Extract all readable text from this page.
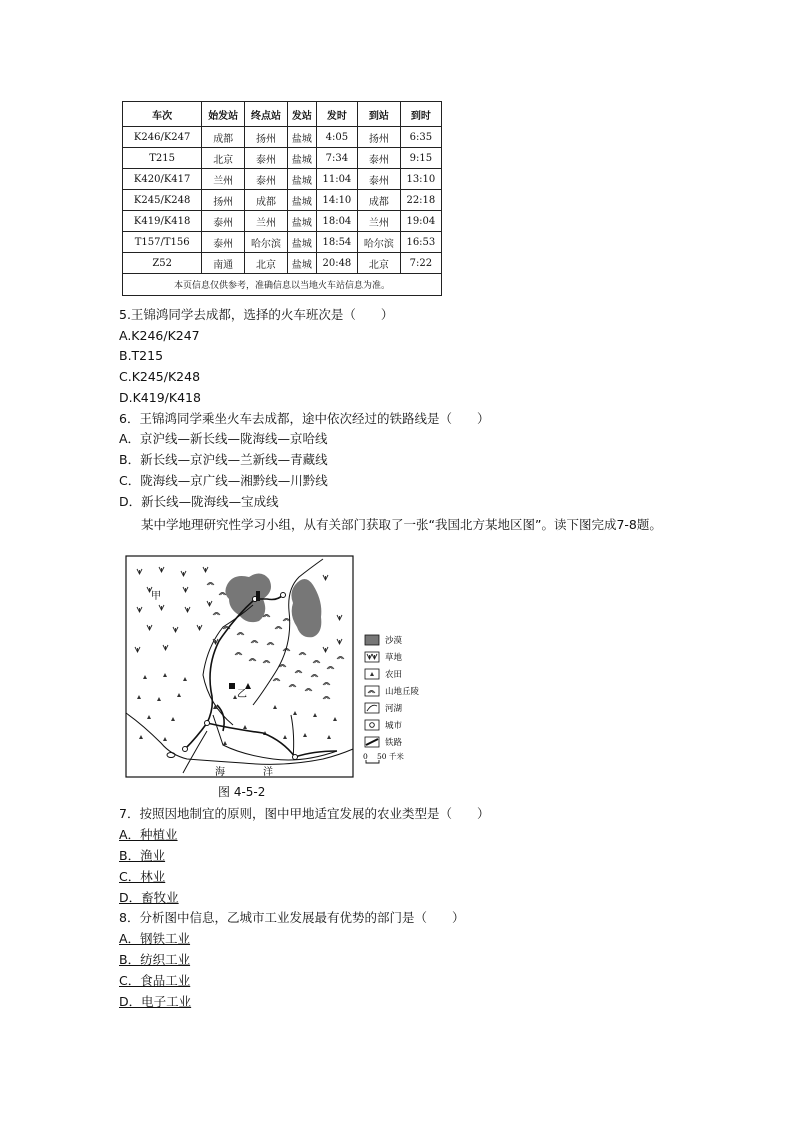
车次	始发站	终点站	发站	发时	到站	到时
K246/K247	成都	扬州	盐城	4:05	扬州	6:35
T215	北京	泰州	盐城	7:34	泰州	9:15
K420/K417	兰州	泰州	盐城	11:04	泰州	13:10
K245/K248	扬州	成都	盐城	14:10	成都	22:18
K419/K418	泰州	兰州	盐城	18:04	兰州	19:04
T157/T156	泰州	哈尔滨	盐城	18:54	哈尔滨	16:53
Z52	南通	北京	盐城	20:48	北京	7:22
本页信息仅供参考，准确信息以当地火车站信息为准。						
5.王锦鸿同学去成都，选择的火车班次是（　　）
A.K246/K247
B.T215
C.K245/K248
D.K419/K418
6．王锦鸿同学乘坐火车去成都，途中依次经过的铁路线是（　　）
A．京沪线—新长线—陇海线—京哈线
B．新长线—京沪线—兰新线—青藏线
C．陇海线—京广线—湘黔线—川黔线
D．新长线—陇海线—宝成线
某中学地理研究性学习小组，从有关部门获取了一张“我国北方某地区图”。读下图完成7-8题。
甲
乙
海	洋
沙漠
草地
农田
山地丘陵
河湖
城市
铁路
0 50 千米
图 4-5-2
7．按照因地制宜的原则，图中甲地适宜发展的农业类型是（　　）
A．种植业
B．渔业
C．林业
D．畜牧业
8．分析图中信息，乙城市工业发展最有优势的部门是（　　）
A．钢铁工业
B．纺织工业
C．食品工业
D．电子工业
